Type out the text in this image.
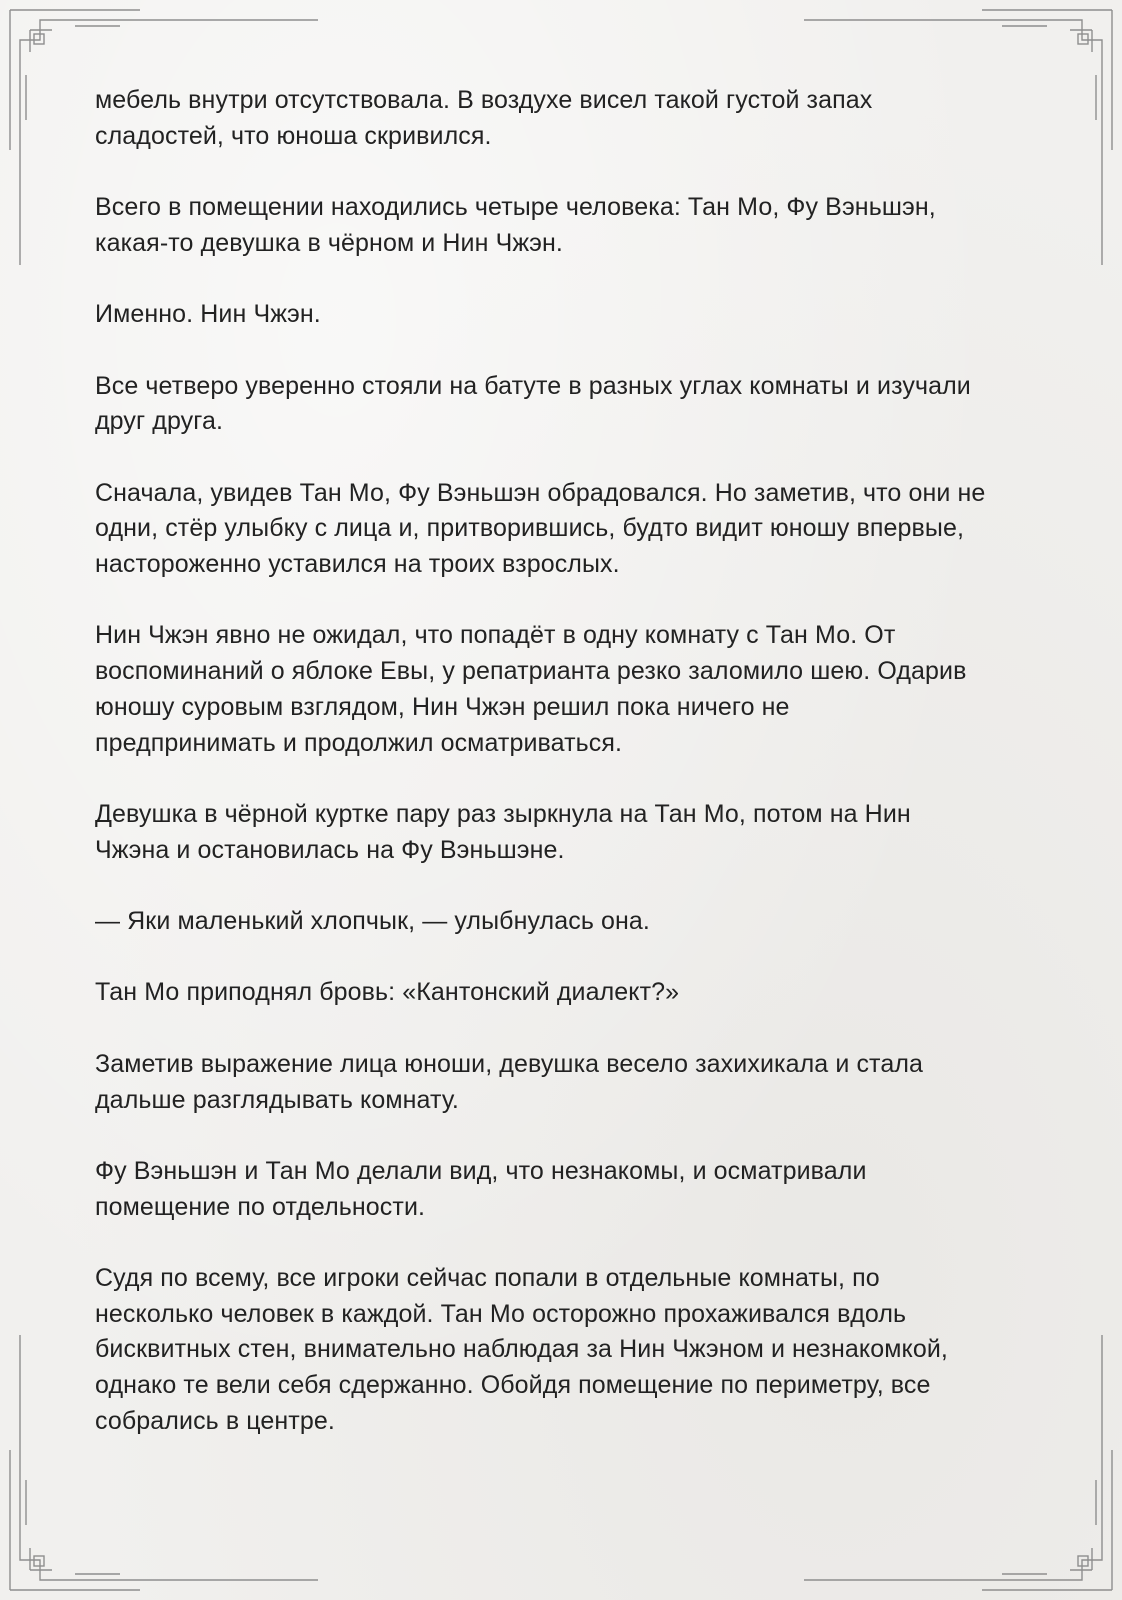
мебель внутри отсутствовала. В воздухе висел такой густой запах
сладостей, что юноша скривился.

Всего в помещении находились четыре человека: Тан Мо, Фу Вэньшэн,
какая-то девушка в чёрном и Нин Чжэн.

Именно. Нин Чжэн.

Все четверо уверенно стояли на батуте в разных углах комнаты и изучали
друг друга.

Сначала, увидев Тан Мо, Фу Вэньшэн обрадовался. Но заметив, что они не
одни, стёр улыбку с лица и, притворившись, будто видит юношу впервые,
настороженно уставился на троих взрослых.

Нин Чжэн явно не ожидал, что попадёт в одну комнату с Тан Мо. От
воспоминаний о яблоке Евы, у репатрианта резко заломило шею. Одарив
юношу суровым взглядом, Нин Чжэн решил пока ничего не
предпринимать и продолжил осматриваться.

Девушка в чёрной куртке пару раз зыркнула на Тан Мо, потом на Нин
Чжэна и остановилась на Фу Вэньшэне.

— Яки маленький хлопчык, — улыбнулась она.

Тан Мо приподнял бровь: «Кантонский диалект?»

Заметив выражение лица юноши, девушка весело захихикала и стала
дальше разглядывать комнату.

Фу Вэньшэн и Тан Мо делали вид, что незнакомы, и осматривали
помещение по отдельности.

Судя по всему, все игроки сейчас попали в отдельные комнаты, по
несколько человек в каждой. Тан Мо осторожно прохаживался вдоль
бисквитных стен, внимательно наблюдая за Нин Чжэном и незнакомкой,
однако те вели себя сдержанно. Обойдя помещение по периметру, все
собрались в центре.
